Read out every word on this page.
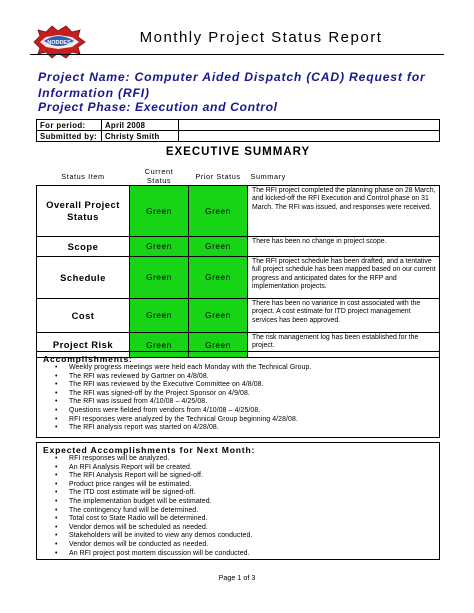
NODDES	Monthly Project Status Report
Project Name: Computer Aided Dispatch (CAD) Request for Information (RFI)
Project Phase: Execution and Control
For period:	April 2008	
Submitted by:	Christy Smith	
EXECUTIVE SUMMARY
Status Item	Current Status	Prior Status	Summary
Overall Project Status	Green	Green	The RFI project completed the planning phase on 28 March, and kicked-off the RFI Execution and Control phase on 31 March. The RFI was issued, and responses were received.
Scope	Green	Green	There has been no change in project scope.
Schedule	Green	Green	The RFI project schedule has been drafted, and a tentative full project schedule has been mapped based on our current progress and anticipated dates for the RFP and implementation projects.
Cost	Green	Green	There has been no variance in cost associated with the project. A cost estimate for ITD project management services has been approved.
Project Risk	Green	Green	The risk management log has been established for the project.
Accomplishments:
• Weekly progress meetings were held each Monday with the Technical Group.
• The RFI was reviewed by Gartner on 4/8/08.
• The RFI was reviewed by the Executive Committee on 4/8/08.
• The RFI was signed-off by the Project Sponsor on 4/9/08.
• The RFI was issued from 4/10/08 – 4/25/08.
• Questions were fielded from vendors from 4/10/08 – 4/25/08.
• RFI responses were analyzed by the Technical Group beginning 4/28/08.
• The RFI analysis report was started on 4/28/08.
Expected Accomplishments for Next Month:
• RFI responses will be analyzed.
• An RFI Analysis Report will be created.
• The RFI Analysis Report will be signed-off.
• Product price ranges will be estimated.
• The ITD cost estimate will be signed-off.
• The implementation budget will be estimated.
• The contingency fund will be determined.
• Total cost to State Radio will be determined.
• Vendor demos will be scheduled as needed.
• Stakeholders will be invited to view any demos conducted.
• Vendor demos will be conducted as needed.
• An RFI project post mortem discussion will be conducted.
Page 1 of 3
